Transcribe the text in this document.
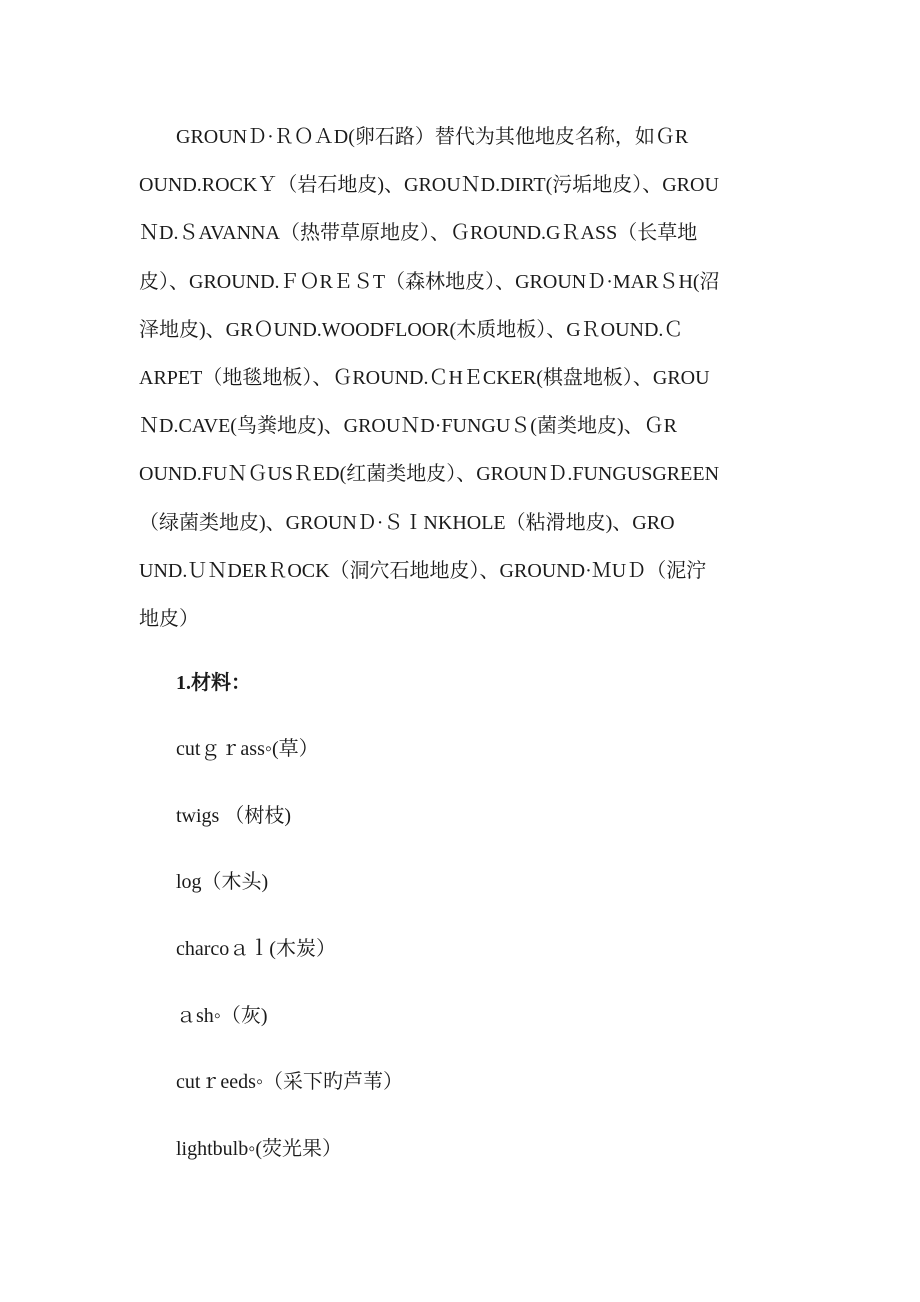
GROUNＤ·ＲＯＡD(卵石路）替代为其他地皮名称，如ＧR
OUND.ROCKＹ（岩石地皮)、GROUＮD.DIRT(污垢地皮）、GROU
ＮD.ＳAVANNA（热带草原地皮）、ＧROUND.GＲASS（长草地
皮）、GROUND.ＦＯRＥＳT（森林地皮）、GROUNＤ·MARＳH(沼
泽地皮)、GRＯUND.WOODFLOOR(木质地板）、GＲOUND.Ｃ
ARPET（地毯地板）、ＧROUND.ＣHＥCKER(棋盘地板）、GROU
ＮD.CAVE(鸟粪地皮)、GROUＮD·FUNGUＳ(菌类地皮)、ＧR
OUND.FUＮＧUSＲED(红菌类地皮）、GROUNＤ.FUNGUSGREEN
（绿菌类地皮)、GROUNＤ·ＳＩNKHOLE（粘滑地皮)、GRO
UND.ＵＮDERＲOCK（洞穴石地地皮）、GROUND·ＭUＤ（泥泞
地皮）
1.材料：
cutｇｒass◦(草）
twigs （树枝)
log（木头)
charcoａｌ(木炭）
ａsh◦（灰)
cutｒeeds◦（采下旳芦苇）
lightbulb◦(荧光果）
